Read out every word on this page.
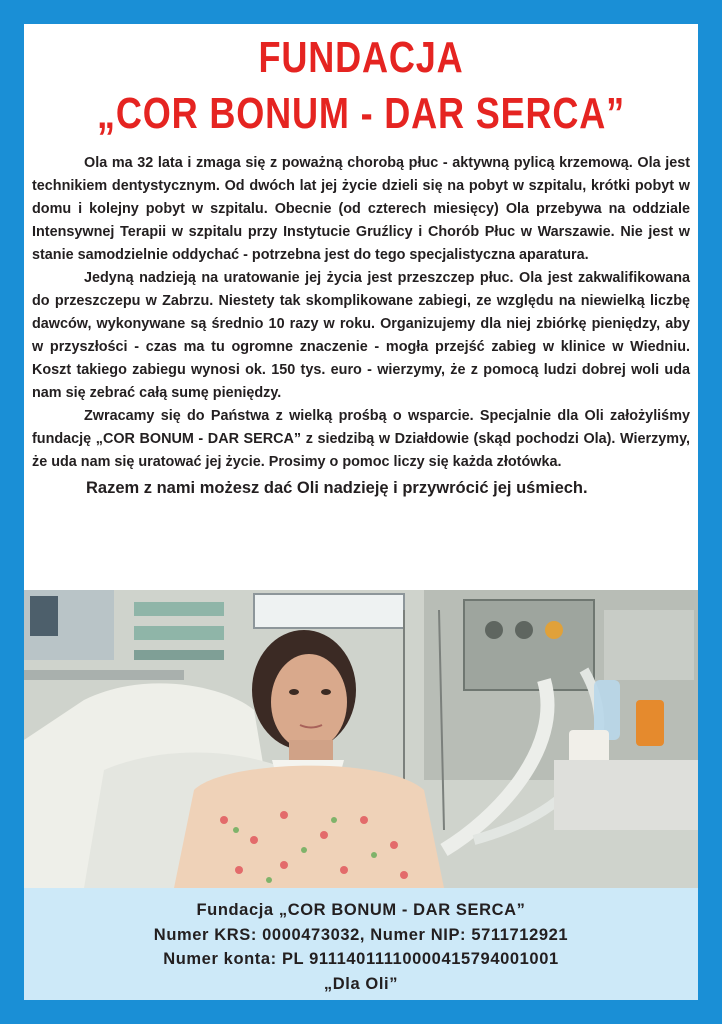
FUNDACJA
„COR BONUM - DAR SERCA”

Ola ma 32 lata i zmaga się z poważną chorobą płuc - aktywną pylicą krzemową. Ola jest technikiem dentystycznym. Od dwóch lat jej życie dzieli się na pobyt w szpitalu, krótki pobyt w domu i kolejny pobyt w szpitalu. Obecnie (od czterech miesięcy) Ola przebywa na oddziale Intensywnej Terapii w szpitalu przy Instytucie Gruźlicy i Chorób Płuc w Warszawie. Nie jest w stanie samodzielnie oddychać - potrzebna jest do tego specjalistyczna aparatura.

Jedyną nadzieją na uratowanie jej życia jest przeszczep płuc. Ola jest zakwalifikowana do przeszczepu w Zabrzu. Niestety tak skomplikowane zabiegi, ze względu na niewielką liczbę dawców, wykonywane są średnio 10 razy w roku. Organizujemy dla niej zbiórkę pieniędzy, aby w przyszłości - czas ma tu ogromne znaczenie - mogła przejść zabieg w klinice w Wiedniu. Koszt takiego zabiegu wynosi ok. 150 tys. euro - wierzymy, że z pomocą ludzi dobrej woli uda nam się zebrać całą sumę pieniędzy.

Zwracamy się do Państwa z wielką prośbą o wsparcie. Specjalnie dla Oli założyliśmy fundację „COR BONUM - DAR SERCA” z siedzibą w Działdowie (skąd pochodzi Ola). Wierzymy, że uda nam się uratować jej życie. Prosimy o pomoc liczy się każda złotówka.

Razem z nami możesz dać Oli nadzieję i przywrócić jej uśmiech.

Fundacja „COR BONUM - DAR SERCA”
Numer KRS: 0000473032, Numer NIP: 5711712921
Numer konta: PL 91114011110000415794001001
„Dla Oli”
